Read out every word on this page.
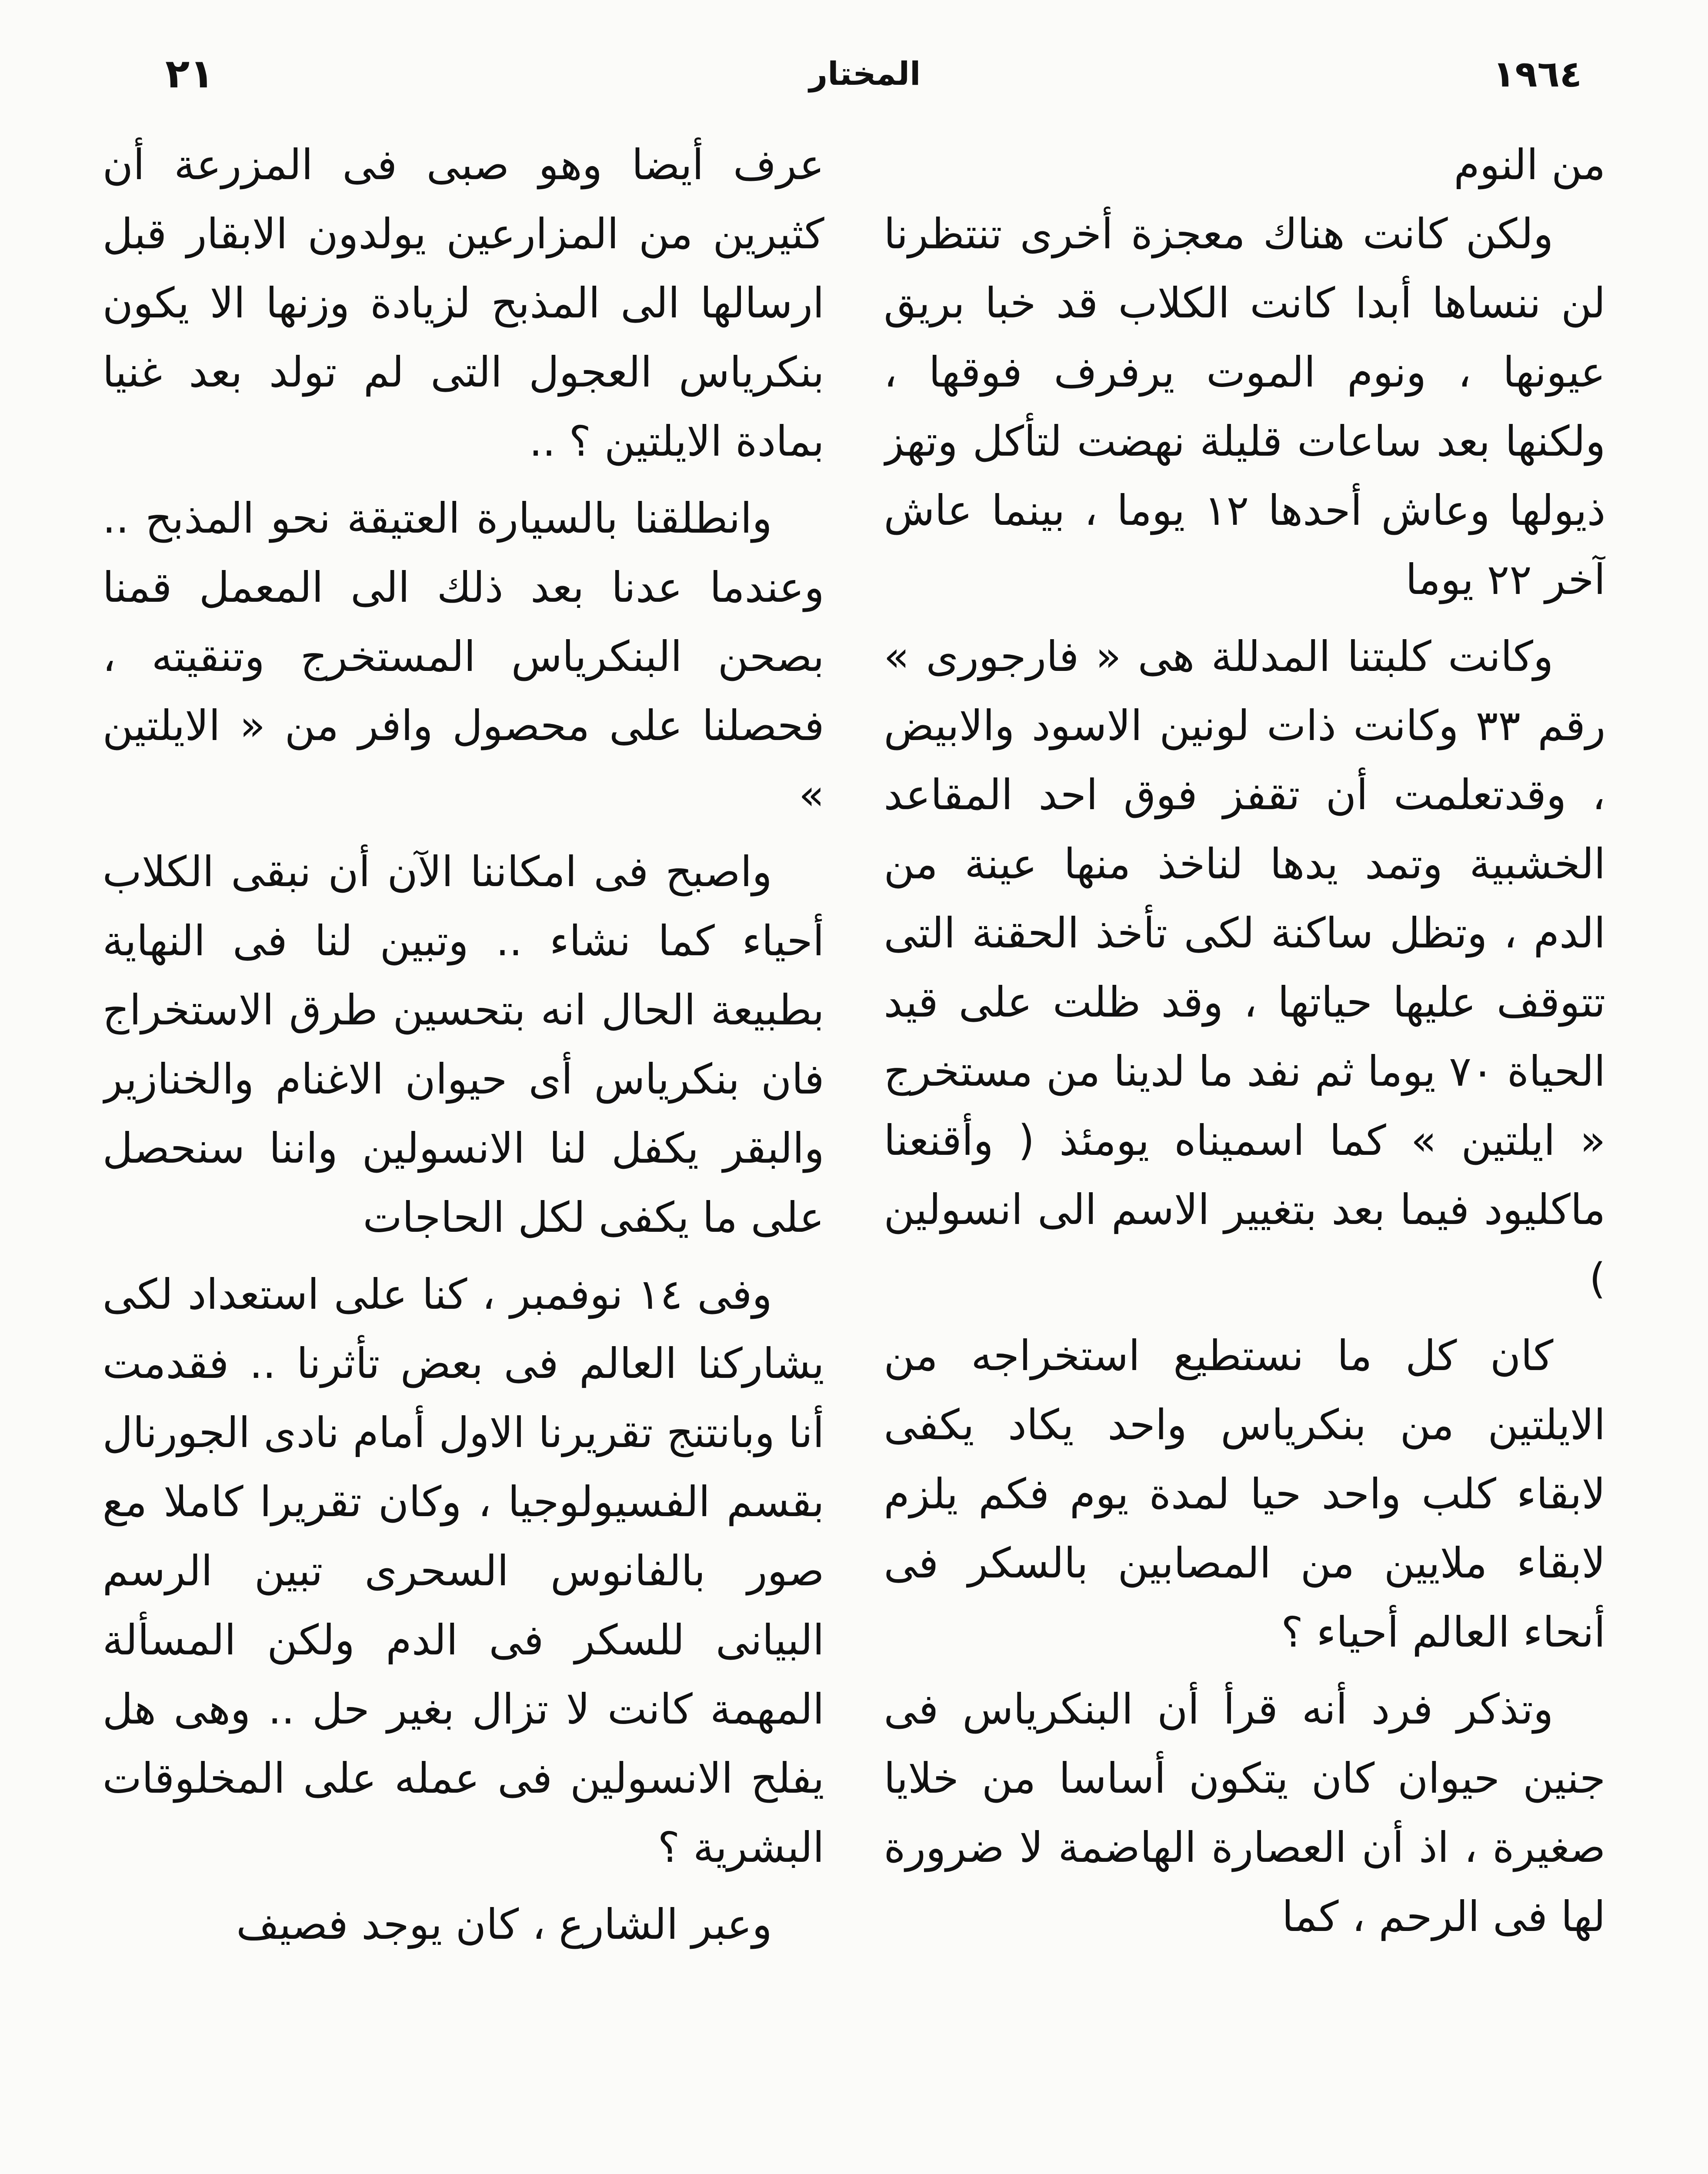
٢١	المختار	١٩٦٤

من النوم

ولكن كانت هناك معجزة أخرى تنتظرنا لن ننساها أبدا كانت الكلاب قد خبا بريق عيونها ، ونوم الموت يرفرف فوقها ، ولكنها بعد ساعات قليلة نهضت لتأكل وتهز ذيولها وعاش أحدها ١٢ يوما ، بينما عاش آخر ٢٢ يوما

وكانت كلبتنا المدللة هى « فارجورى » رقم ٣٣ وكانت ذات لونين الاسود والابيض ، وقدتعلمت أن تقفز فوق احد المقاعد الخشبية وتمد يدها لناخذ منها عينة من الدم ، وتظل ساكنة لكى تأخذ الحقنة التى تتوقف عليها حياتها ، وقد ظلت على قيد الحياة ٧٠ يوما ثم نفد ما لدينا من مستخرج « ايلتين » كما اسميناه يومئذ ( وأقنعنا ماكليود فيما بعد بتغيير الاسم الى انسولين )

كان كل ما نستطيع استخراجه من الايلتين من بنكرياس واحد يكاد يكفى لابقاء كلب واحد حيا لمدة يوم فكم يلزم لابقاء ملايين من المصابين بالسكر فى أنحاء العالم أحياء ؟

وتذكر فرد أنه قرأ أن البنكرياس فى جنين حيوان كان يتكون أساسا من خلايا صغيرة ، اذ أن العصارة الهاضمة لا ضرورة لها فى الرحم ، كما

عرف أيضا وهو صبى فى المزرعة أن كثيرين من المزارعين يولدون الابقار قبل ارسالها الى المذبح لزيادة وزنها الا يكون بنكرياس العجول التى لم تولد بعد غنيا بمادة الايلتين ؟ ..

وانطلقنا بالسيارة العتيقة نحو المذبح .. وعندما عدنا بعد ذلك الى المعمل قمنا بصحن البنكرياس المستخرج وتنقيته ، فحصلنا على محصول وافر من « الايلتين »

واصبح فى امكاننا الآن أن نبقى الكلاب أحياء كما نشاء .. وتبين لنا فى النهاية بطبيعة الحال انه بتحسين طرق الاستخراج فان بنكرياس أى حيوان الاغنام والخنازير والبقر يكفل لنا الانسولين واننا سنحصل على ما يكفى لكل الحاجات

وفى ١٤ نوفمبر ، كنا على استعداد لكى يشاركنا العالم فى بعض تأثرنا .. فقدمت أنا وبانتنج تقريرنا الاول أمام نادى الجورنال بقسم الفسيولوجيا ، وكان تقريرا كاملا مع صور بالفانوس السحرى تبين الرسم البيانى للسكر فى الدم ولكن المسألة المهمة كانت لا تزال بغير حل .. وهى هل يفلح الانسولين فى عمله على المخلوقات البشرية ؟

وعبر الشارع ، كان يوجد فصيف
